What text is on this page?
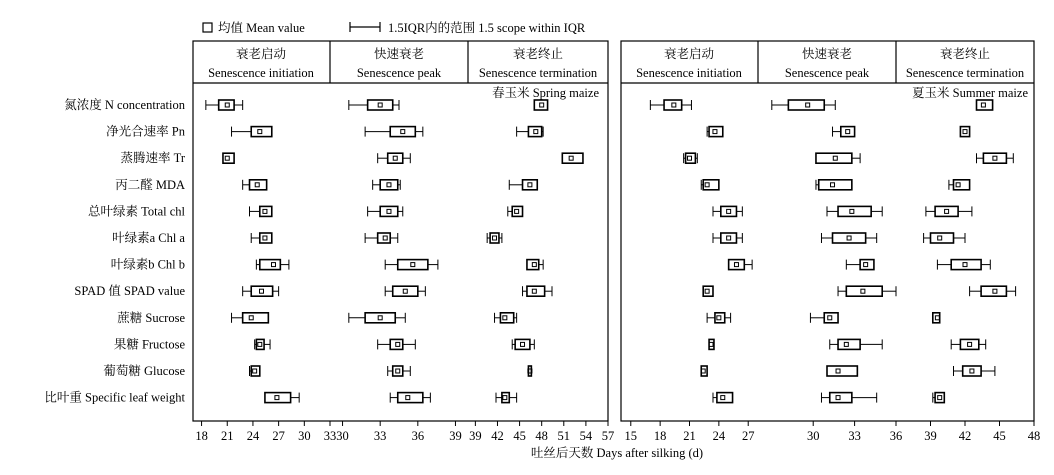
均值 Mean value	1.5IQR内的范围 1.5 scope within IQR
衰老启动
Senescence initiation
快速衰老
Senescence peak
衰老终止
Senescence termination
衰老启动
Senescence initiation
快速衰老
Senescence peak
衰老终止
Senescence termination
春玉米 Spring maize	夏玉米 Summer maize
氮浓度 N concentration
净光合速率 Pn
蒸腾速率 Tr
丙二醛 MDA
总叶绿素 Total chl
叶绿素a Chl a
叶绿素b Chl b
SPAD 值 SPAD value
蔗糖 Sucrose
果糖 Fructose
葡萄糖 Glucose
比叶重 Specific leaf weight
18 21 24 27 30 33 30 33 36 39 39 42 45 48 51 54 57 15 18 21 24 27	30 33 36 39 42 45 48
吐丝后天数 Days after silking (d)
